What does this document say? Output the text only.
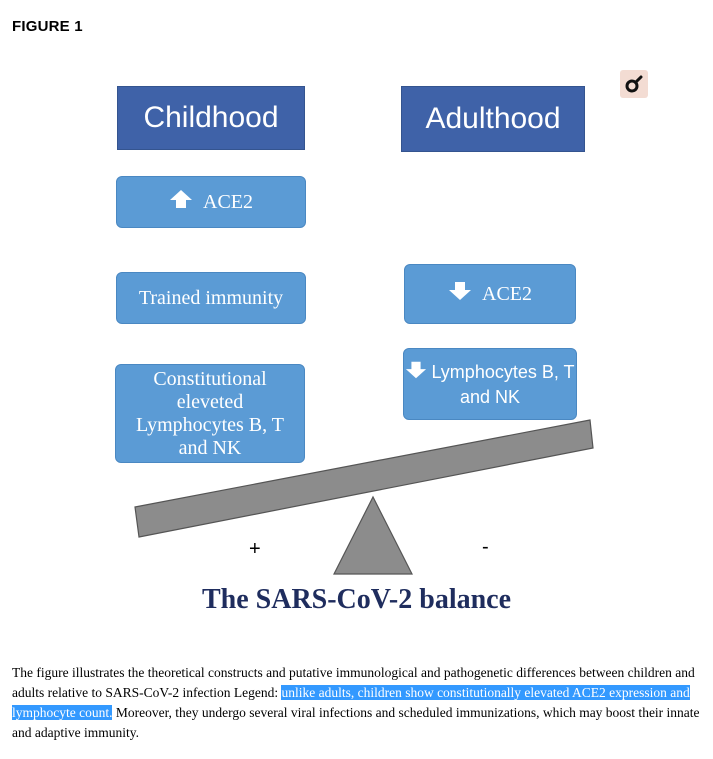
FIGURE 1
Childhood
ACE2
Trained immunity
Constitutional eleveted Lymphocytes B, T and NK
Adulthood
ACE2
Lymphocytes B, T and NK
+	-
The SARS-CoV-2 balance
The figure illustrates the theoretical constructs and putative immunological and pathogenetic differences between children and adults relative to SARS-CoV-2 infection Legend: unlike adults, children show constitutionally elevated ACE2 expression and lymphocyte count. Moreover, they undergo several viral infections and scheduled immunizations, which may boost their innate and adaptive immunity.
